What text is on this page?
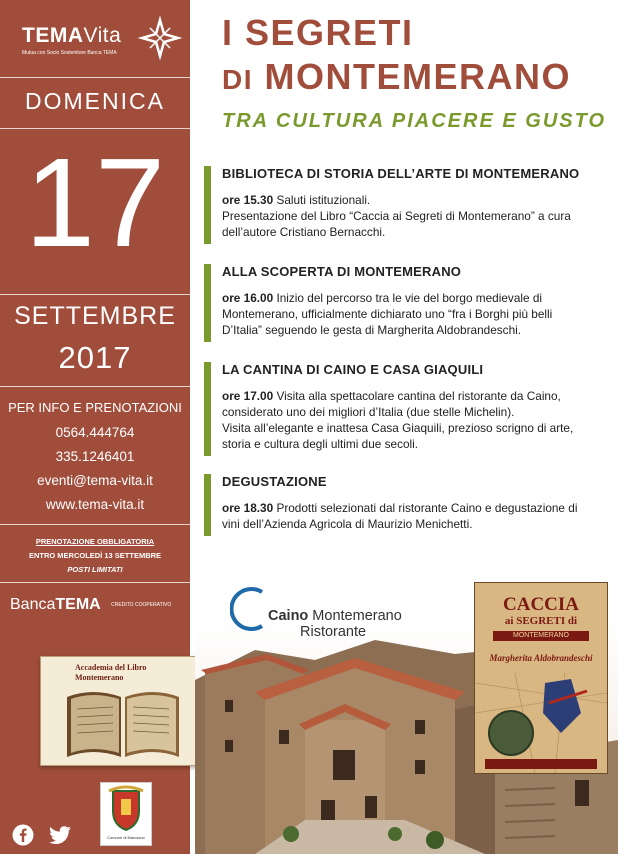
TEMAVita
Mutua con Socio Sostenitore Banca TEMA
DOMENICA
17
SETTEMBRE
2017
PER INFO E PRENOTAZIONI
0564.444764
335.1246401
eventi@tema-vita.it
www.tema-vita.it
PRENOTAZIONE OBBLIGATORIA
ENTRO MERCOLEDÌ 13 SETTEMBRE
POSTI LIMITATI
BancaTEMA CREDITO COOPERATIVO
Comune di Manciano
Accademia del Libro
Montemerano
I SEGRETI
DI MONTEMERANO
TRA CULTURA PIACERE E GUSTO
BIBLIOTECA DI STORIA DELL’ARTE DI MONTEMERANO

ore 15.30 Saluti istituzionali.

Presentazione del Libro “Caccia ai Segreti di Montemerano” a cura

dell’autore Cristiano Bernacchi.

ALLA SCOPERTA DI MONTEMERANO

ore 16.00 Inizio del percorso tra le vie del borgo medievale di

Montemerano, ufficialmente dichiarato uno “fra i Borghi più belli

D’Italia” seguendo le gesta di Margherita Aldobrandeschi.

LA CANTINA DI CAINO E CASA GIAQUILI

ore 17.00 Visita alla spettacolare cantina del ristorante da Caino,

considerato uno dei migliori d’Italia (due stelle Michelin).

Visita all’elegante e inattesa Casa Giaquili, prezioso scrigno di arte,

storia e cultura degli ultimi due secoli.

DEGUSTAZIONE

ore 18.30 Prodotti selezionati dal ristorante Caino e degustazione di

vini dell’Azienda Agricola di Maurizio Menichetti.

Caino Montemerano
Ristorante
CACCIA
ai SEGRETI di
MONTEMERANO
Margherita Aldobrandeschi
